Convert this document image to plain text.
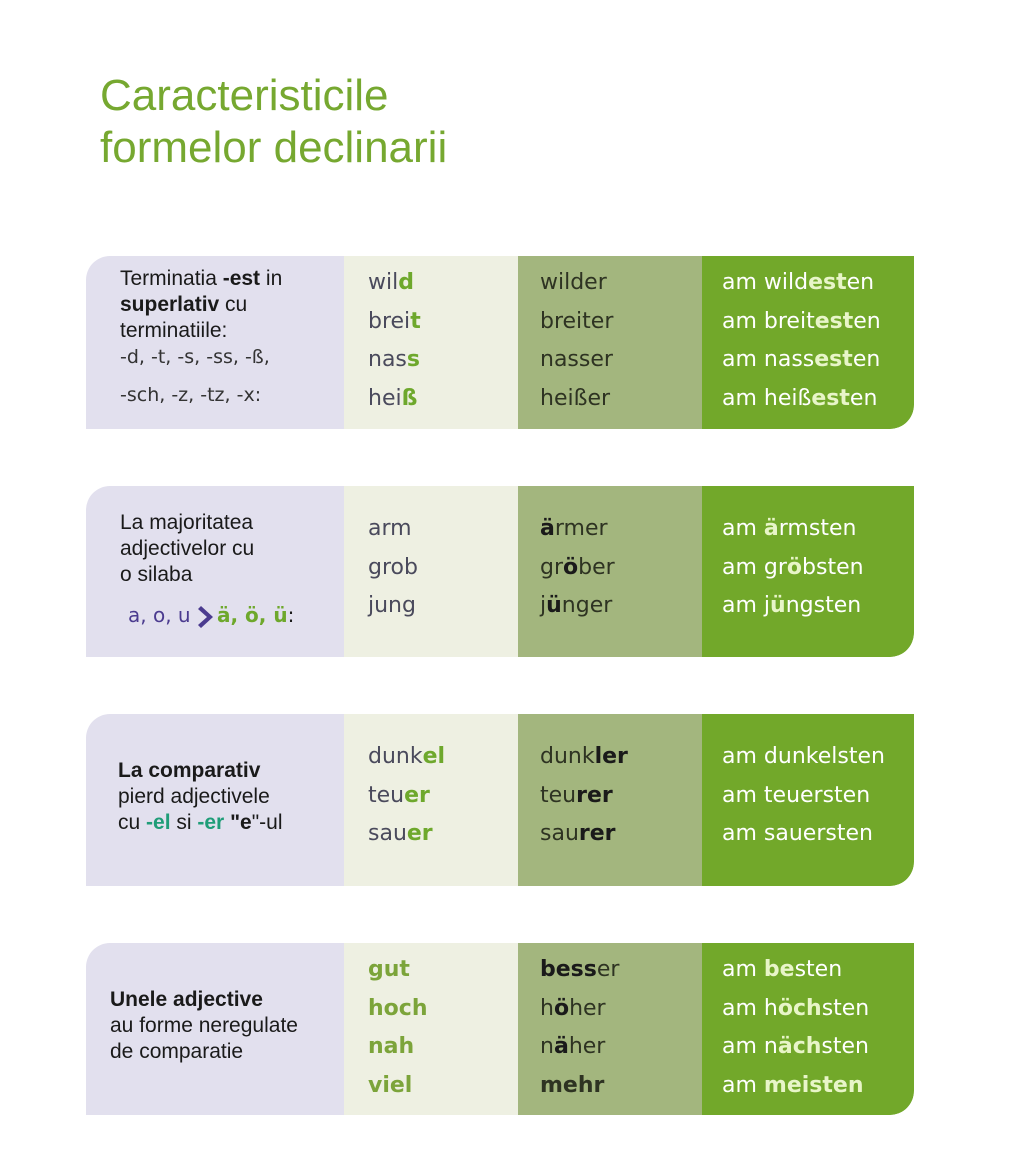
Caracteristicile
formelor declinarii
Terminatia -est in
superlativ cu
terminatiile:
-d, -t, -s, -ss, -ß,
-sch, -z, -tz, -x:
wild
breit
nass
heiß
wilder
breiter
nasser
heißer
am wildesten
am breitesten
am nassesten
am heißesten
La majoritatea
adjectivelor cu
o silaba
a, o, u ä, ö, ü:
arm
grob
jung
ärmer
gröber
jünger
am ärmsten
am gröbsten
am jüngsten
La comparativ
pierd adjectivele
cu -el si -er "e"-ul
dunkel
teuer
sauer
dunkler
teurer
saurer
am dunkelsten
am teuersten
am sauersten
Unele adjective
au forme neregulate
de comparatie
gut
hoch
nah
viel
besser
höher
näher
mehr
am besten
am höchsten
am nächsten
am meisten
